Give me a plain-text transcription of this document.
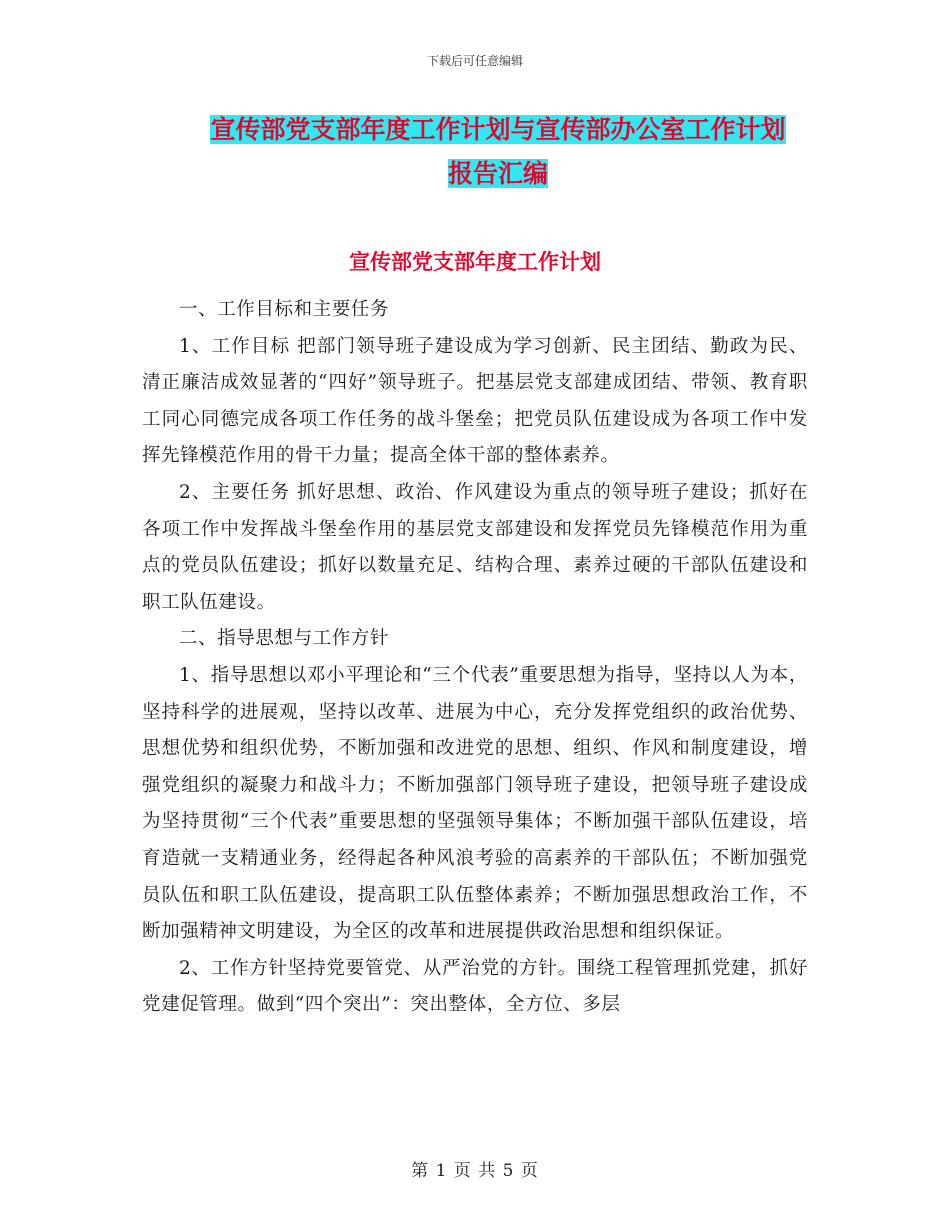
下载后可任意编辑
宣传部党支部年度工作计划与宣传部办公室工作计划
报告汇编
宣传部党支部年度工作计划

一、工作目标和主要任务

1、工作目标 把部门领导班子建设成为学习创新、民主团结、勤政为民、清正廉洁成效显著的“四好”领导班子。把基层党支部建成团结、带领、教育职工同心同德完成各项工作任务的战斗堡垒；把党员队伍建设成为各项工作中发挥先锋模范作用的骨干力量；提高全体干部的整体素养。

2、主要任务 抓好思想、政治、作风建设为重点的领导班子建设；抓好在各项工作中发挥战斗堡垒作用的基层党支部建设和发挥党员先锋模范作用为重点的党员队伍建设；抓好以数量充足、结构合理、素养过硬的干部队伍建设和职工队伍建设。

二、指导思想与工作方针

1、指导思想以邓小平理论和“三个代表”重要思想为指导，坚持以人为本，坚持科学的进展观，坚持以改革、进展为中心，充分发挥党组织的政治优势、思想优势和组织优势，不断加强和改进党的思想、组织、作风和制度建设，增强党组织的凝聚力和战斗力；不断加强部门领导班子建设，把领导班子建设成为坚持贯彻“三个代表”重要思想的坚强领导集体；不断加强干部队伍建设，培育造就一支精通业务，经得起各种风浪考验的高素养的干部队伍；不断加强党员队伍和职工队伍建设，提高职工队伍整体素养；不断加强思想政治工作，不断加强精神文明建设，为全区的改革和进展提供政治思想和组织保证。

2、工作方针坚持党要管党、从严治党的方针。围绕工程管理抓党建，抓好党建促管理。做到“四个突出”：突出整体，全方位、多层

第 1 页 共 5 页
